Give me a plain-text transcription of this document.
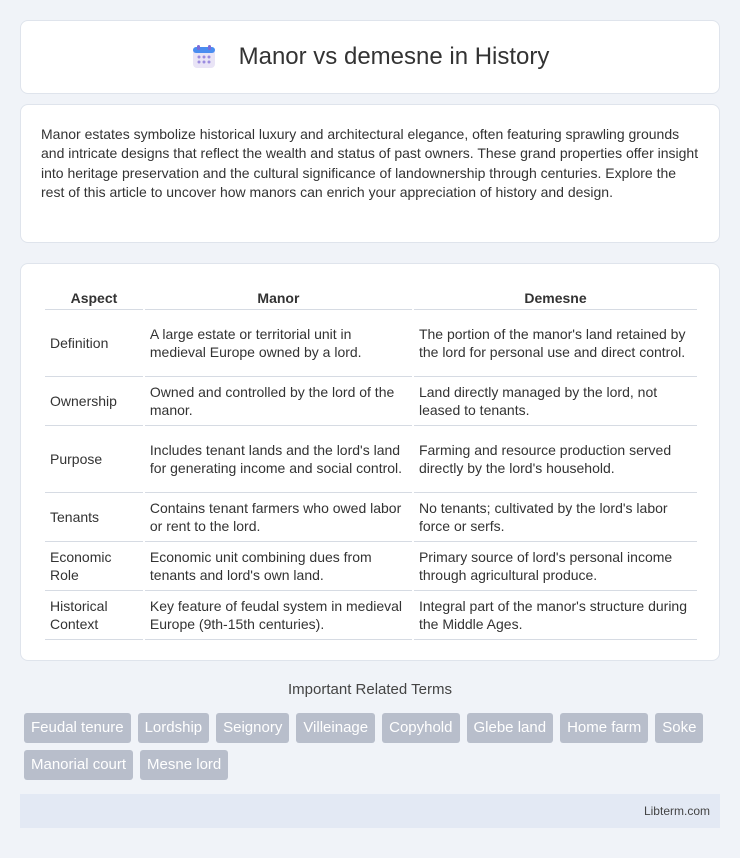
Manor vs demesne in History

Manor estates symbolize historical luxury and architectural elegance, often featuring sprawling grounds and intricate designs that reflect the wealth and status of past owners. These grand properties offer insight into heritage preservation and the cultural significance of landownership through centuries. Explore the rest of this article to uncover how manors can enrich your appreciation of history and design.

Aspect	Manor	Demesne
Definition	A large estate or territorial unit in medieval Europe owned by a lord.	The portion of the manor's land retained by the lord for personal use and direct control.
Ownership	Owned and controlled by the lord of the manor.	Land directly managed by the lord, not leased to tenants.
Purpose	Includes tenant lands and the lord's land for generating income and social control.	Farming and resource production served directly by the lord's household.
Tenants	Contains tenant farmers who owed labor or rent to the lord.	No tenants; cultivated by the lord's labor force or serfs.
Economic Role	Economic unit combining dues from tenants and lord's own land.	Primary source of lord's personal income through agricultural produce.
Historical Context	Key feature of feudal system in medieval Europe (9th-15th centuries).	Integral part of the manor's structure during the Middle Ages.
Important Related Terms
Feudal tenure	Lordship	Seignory	Villeinage	Copyhold	Glebe land	Home farm	Soke
Manorial court	Mesne lord
Libterm.com
